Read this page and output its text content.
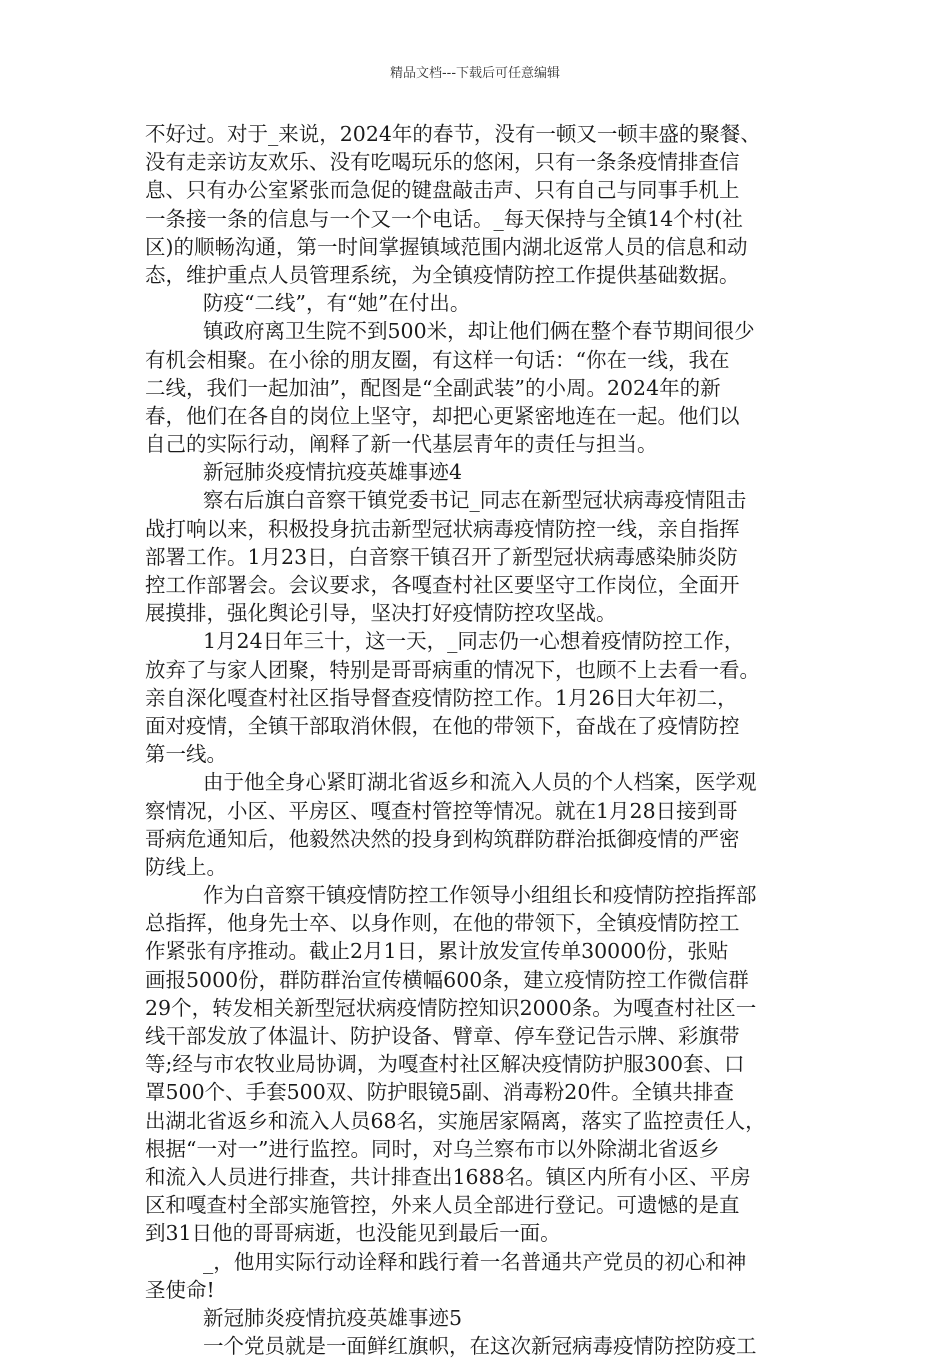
精品文档---下载后可任意编辑
不好过。对于_来说，2024年的春节，没有一顿又一顿丰盛的聚餐、
没有走亲访友欢乐、没有吃喝玩乐的悠闲，只有一条条疫情排查信
息、只有办公室紧张而急促的键盘敲击声、只有自己与同事手机上
一条接一条的信息与一个又一个电话。_每天保持与全镇14个村(社
区)的顺畅沟通，第一时间掌握镇域范围内湖北返常人员的信息和动
态，维护重点人员管理系统，为全镇疫情防控工作提供基础数据。
防疫“二线”，有“她”在付出。
镇政府离卫生院不到500米，却让他们俩在整个春节期间很少
有机会相聚。在小徐的朋友圈，有这样一句话：“你在一线，我在
二线，我们一起加油”，配图是“全副武装”的小周。2024年的新
春，他们在各自的岗位上坚守，却把心更紧密地连在一起。他们以
自己的实际行动，阐释了新一代基层青年的责任与担当。
新冠肺炎疫情抗疫英雄事迹4
察右后旗白音察干镇党委书记_同志在新型冠状病毒疫情阻击
战打响以来，积极投身抗击新型冠状病毒疫情防控一线，亲自指挥
部署工作。1月23日，白音察干镇召开了新型冠状病毒感染肺炎防
控工作部署会。会议要求，各嘎查村社区要坚守工作岗位，全面开
展摸排，强化舆论引导，坚决打好疫情防控攻坚战。
1月24日年三十，这一天，_同志仍一心想着疫情防控工作，
放弃了与家人团聚，特别是哥哥病重的情况下，也顾不上去看一看。
亲自深化嘎查村社区指导督查疫情防控工作。1月26日大年初二，
面对疫情，全镇干部取消休假，在他的带领下，奋战在了疫情防控
第一线。
由于他全身心紧盯湖北省返乡和流入人员的个人档案，医学观
察情况，小区、平房区、嘎查村管控等情况。就在1月28日接到哥
哥病危通知后，他毅然决然的投身到构筑群防群治抵御疫情的严密
防线上。
作为白音察干镇疫情防控工作领导小组组长和疫情防控指挥部
总指挥，他身先士卒、以身作则，在他的带领下，全镇疫情防控工
作紧张有序推动。截止2月1日，累计放发宣传单30000份，张贴
画报5000份，群防群治宣传横幅600条，建立疫情防控工作微信群
29个，转发相关新型冠状病疫情防控知识2000条。为嘎查村社区一
线干部发放了体温计、防护设备、臂章、停车登记告示牌、彩旗带
等;经与市农牧业局协调，为嘎查村社区解决疫情防护服300套、口
罩500个、手套500双、防护眼镜5副、消毒粉20件。全镇共排查
出湖北省返乡和流入人员68名，实施居家隔离，落实了监控责任人，
根据“一对一”进行监控。同时，对乌兰察布市以外除湖北省返乡
和流入人员进行排查，共计排查出1688名。镇区内所有小区、平房
区和嘎查村全部实施管控，外来人员全部进行登记。可遗憾的是直
到31日他的哥哥病逝，也没能见到最后一面。
_，他用实际行动诠释和践行着一名普通共产党员的初心和神
圣使命!
新冠肺炎疫情抗疫英雄事迹5
一个党员就是一面鲜红旗帜，在这次新冠病毒疫情防控防疫工
